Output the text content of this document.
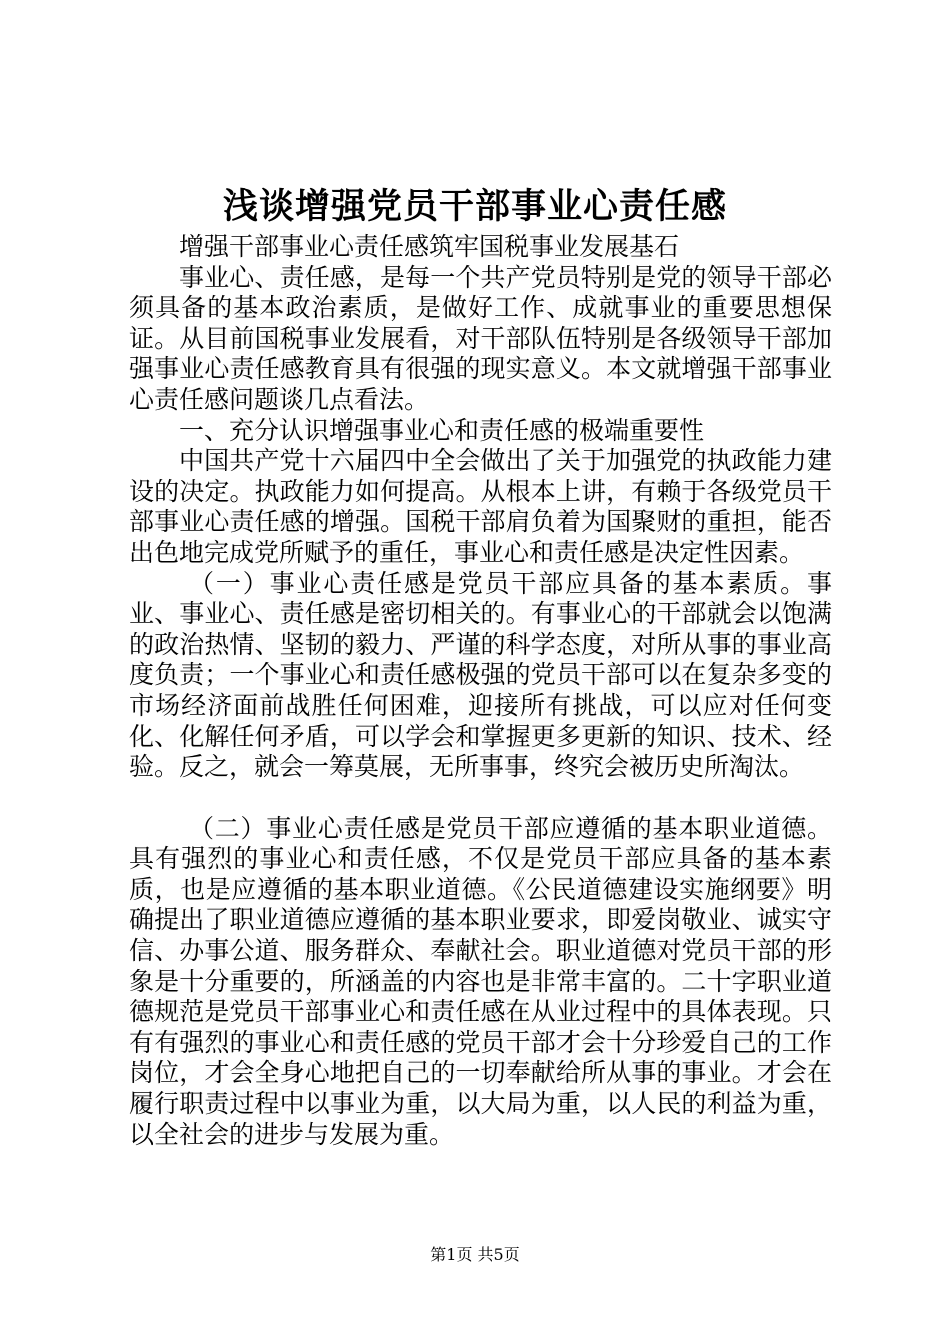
浅谈增强党员干部事业心责任感

增强干部事业心责任感筑牢国税事业发展基石

事业心、责任感，是每一个共产党员特别是党的领导干部必须具备的基本政治素质，是做好工作、成就事业的重要思想保证。从目前国税事业发展看，对干部队伍特别是各级领导干部加强事业心责任感教育具有很强的现实意义。本文就增强干部事业心责任感问题谈几点看法。

一、充分认识增强事业心和责任感的极端重要性

中国共产党十六届四中全会做出了关于加强党的执政能力建设的决定。执政能力如何提高。从根本上讲，有赖于各级党员干部事业心责任感的增强。国税干部肩负着为国聚财的重担，能否出色地完成党所赋予的重任，事业心和责任感是决定性因素。

（一）事业心责任感是党员干部应具备的基本素质。事业、事业心、责任感是密切相关的。有事业心的干部就会以饱满的政治热情、坚韧的毅力、严谨的科学态度，对所从事的事业高度负责；一个事业心和责任感极强的党员干部可以在复杂多变的市场经济面前战胜任何困难，迎接所有挑战，可以应对任何变化、化解任何矛盾，可以学会和掌握更多更新的知识、技术、经验。反之，就会一筹莫展，无所事事，终究会被历史所淘汰。

（二）事业心责任感是党员干部应遵循的基本职业道德。具有强烈的事业心和责任感，不仅是党员干部应具备的基本素质，也是应遵循的基本职业道德。《公民道德建设实施纲要》明确提出了职业道德应遵循的基本职业要求，即爱岗敬业、诚实守信、办事公道、服务群众、奉献社会。职业道德对党员干部的形象是十分重要的，所涵盖的内容也是非常丰富的。二十字职业道德规范是党员干部事业心和责任感在从业过程中的具体表现。只有有强烈的事业心和责任感的党员干部才会十分珍爱自己的工作岗位，才会全身心地把自己的一切奉献给所从事的事业。才会在履行职责过程中以事业为重，以大局为重，以人民的利益为重，以全社会的进步与发展为重。

第1页 共5页
